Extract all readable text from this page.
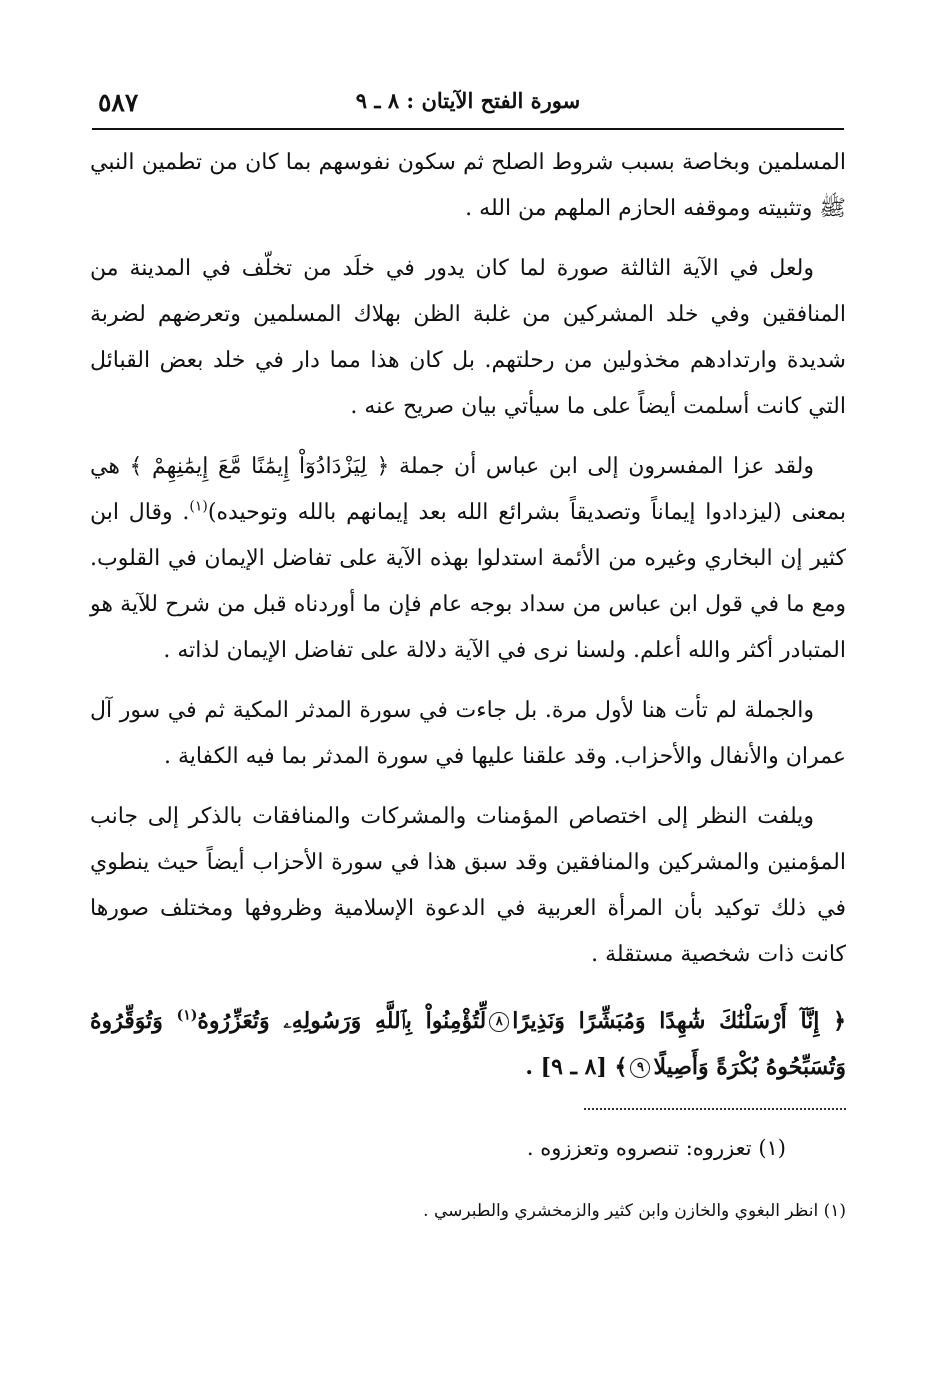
٥٨٧	سورة الفتح الآيتان : ٨ ـ ٩

المسلمين وبخاصة بسبب شروط الصلح ثم سكون نفوسهم بما كان من تطمين النبي ﷺ وتثبيته وموقفه الحازم الملهم من الله .

ولعل في الآية الثالثة صورة لما كان يدور في خلَد من تخلّف في المدينة من المنافقين وفي خلد المشركين من غلبة الظن بهلاك المسلمين وتعرضهم لضربة شديدة وارتدادهم مخذولين من رحلتهم. بل كان هذا مما دار في خلد بعض القبائل التي كانت أسلمت أيضاً على ما سيأتي بيان صريح عنه .

ولقد عزا المفسرون إلى ابن عباس أن جملة ﴿ لِيَزْدَادُوٓاْ إِيمَٰنًا مَّعَ إِيمَٰنِهِمْ ﴾ هي بمعنى (ليزدادوا إيماناً وتصديقاً بشرائع الله بعد إيمانهم بالله وتوحيده)$^{(١)}$. وقال ابن كثير إن البخاري وغيره من الأئمة استدلوا بهذه الآية على تفاضل الإيمان في القلوب. ومع ما في قول ابن عباس من سداد بوجه عام فإن ما أوردناه قبل من شرح للآية هو المتبادر أكثر والله أعلم. ولسنا نرى في الآية دلالة على تفاضل الإيمان لذاته .

والجملة لم تأت هنا لأول مرة. بل جاءت في سورة المدثر المكية ثم في سور آل عمران والأنفال والأحزاب. وقد علقنا عليها في سورة المدثر بما فيه الكفاية .

ويلفت النظر إلى اختصاص المؤمنات والمشركات والمنافقات بالذكر إلى جانب المؤمنين والمشركين والمنافقين وقد سبق هذا في سورة الأحزاب أيضاً حيث ينطوي في ذلك توكيد بأن المرأة العربية في الدعوة الإسلامية وظروفها ومختلف صورها كانت ذات شخصية مستقلة .

﴿ إِنَّآ أَرْسَلْنَٰكَ شَٰهِدًا وَمُبَشِّرًا وَنَذِيرًا٨لِّتُؤْمِنُواْ بِٱللَّهِ وَرَسُولِهِۦ وَتُعَزِّرُوهُ$^{(١)}$ وَتُوَقِّرُوهُ وَتُسَبِّحُوهُ بُكْرَةً وَأَصِيلًا٩﴾ [٨ ـ ٩] .

(١) تعزروه: تنصروه وتعززوه .
(١) انظر البغوي والخازن وابن كثير والزمخشري والطبرسي .
